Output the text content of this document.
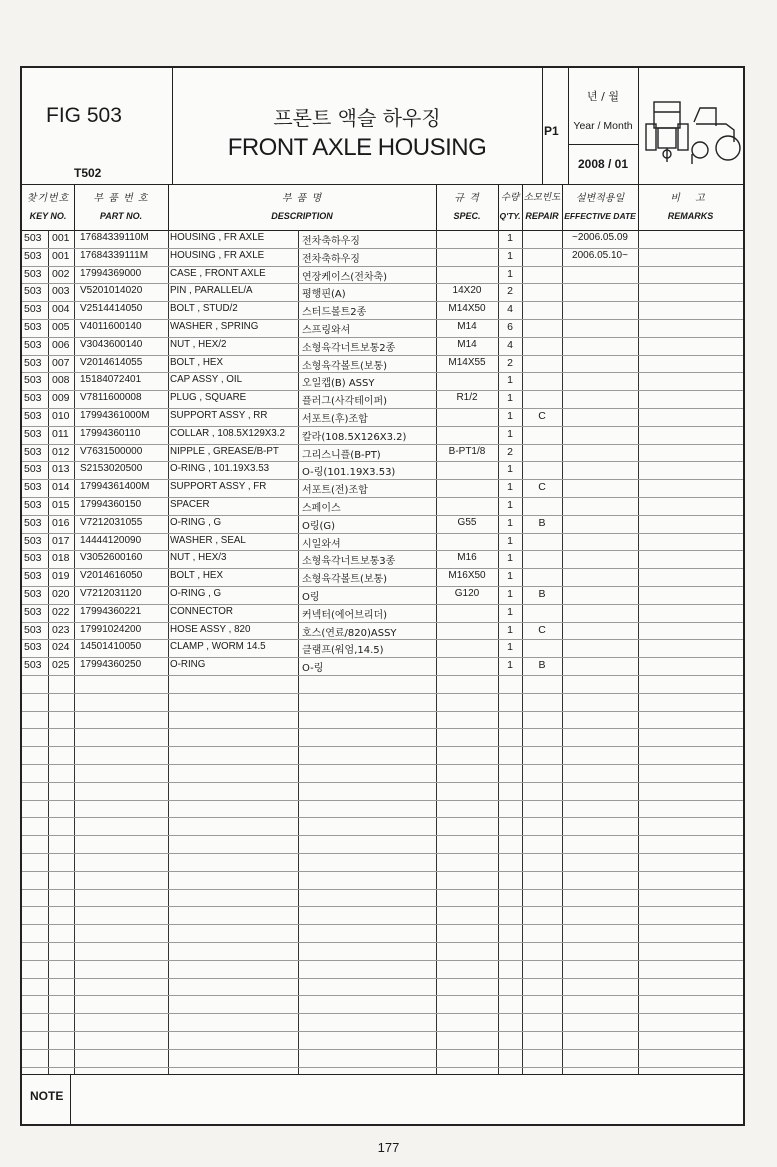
FIG 503
T502
프론트 액슬 하우징
FRONT AXLE HOUSING
P1
년 / 월
Year / Month
2008 / 01
찾기번호
KEY NO.
부 품 번 호
PART NO.
부 품 명
DESCRIPTION
규 격
SPEC.
수량
Q'TY.
소모빈도
REPAIR
설변적용일
EFFECTIVE DATE
비 고
REMARKS
503 001	17684339110M	HOUSING , FR AXLE	전차축하우징	1	~2006.05.09
503 001	17684339111M	HOUSING , FR AXLE	전차축하우징	1	2006.05.10~
503 002	17994369000	CASE , FRONT AXLE	연장케이스(전차축)	1
503 003	V5201014020	PIN , PARALLEL/A	평행핀(A)	14X20	2
503 004	V2514414050	BOLT , STUD/2	스터드볼트2종	M14X50	4
503 005	V4011600140	WASHER , SPRING	스프링와셔	M14	6
503 006	V3043600140	NUT , HEX/2	소형육각너트보통2종	M14	4
503 007	V2014614055	BOLT , HEX	소형육각볼트(보통)	M14X55	2
503 008	15184072401	CAP ASSY , OIL	오일캡(B) ASSY	1
503 009	V7811600008	PLUG , SQUARE	플러그(사각테이퍼)	R1/2	1
503 010	17994361000M	SUPPORT ASSY , RR	서포트(후)조합	1	C
503 011	17994360110	COLLAR , 108.5X129X3.2	칼라(108.5X126X3.2)	1
503 012	V7631500000	NIPPLE , GREASE/B-PT	그리스니플(B-PT)	B-PT1/8	2
503 013	S2153020500	O-RING , 101.19X3.53	O-링(101.19X3.53)	1
503 014	17994361400M	SUPPORT ASSY , FR	서포트(전)조합	1	C
503 015	17994360150	SPACER	스페이스	1
503 016	V7212031055	O-RING , G	O링(G)	G55	1	B
503 017	14444120090	WASHER , SEAL	시일와셔	1
503 018	V3052600160	NUT , HEX/3	소형육각너트보통3종	M16	1
503 019	V2014616050	BOLT , HEX	소형육각볼트(보통)	M16X50	1
503 020	V7212031120	O-RING , G	O링	G120	1	B
503 022	17994360221	CONNECTOR	커넥터(에어브리더)	1
503 023	17991024200	HOSE ASSY , 820	호스(연료/820)ASSY	1	C
503 024	14501410050	CLAMP , WORM 14.5	클램프(워엄,14.5)	1
503 025	17994360250	O-RING	O-링	1	B
NOTE
177
